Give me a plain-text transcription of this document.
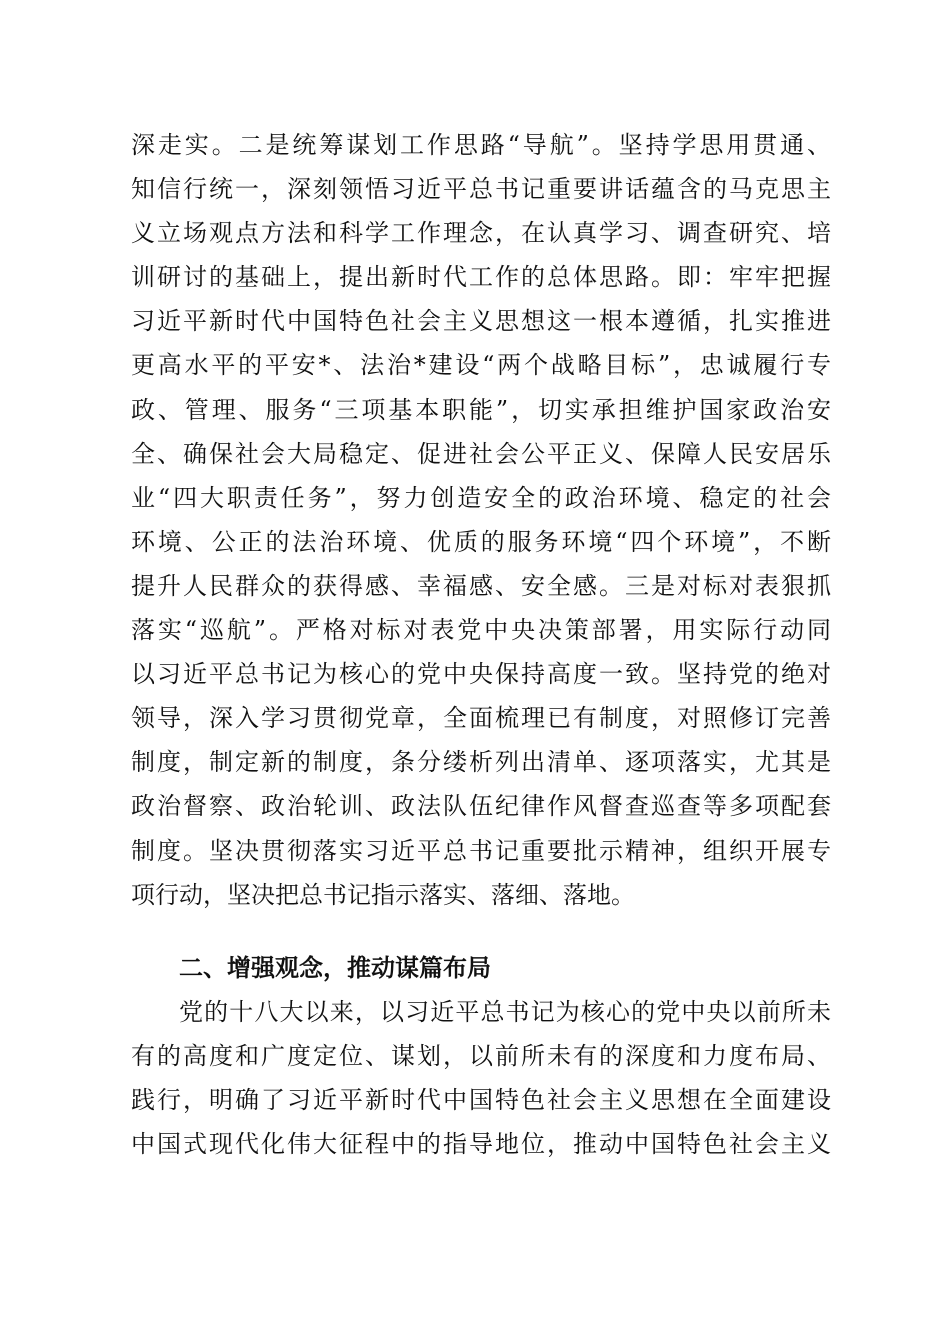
深走实。二是统筹谋划工作思路“导航”。坚持学思用贯通、
知信行统一，深刻领悟习近平总书记重要讲话蕴含的马克思主
义立场观点方法和科学工作理念，在认真学习、调查研究、培
训研讨的基础上，提出新时代工作的总体思路。即：牢牢把握
习近平新时代中国特色社会主义思想这一根本遵循，扎实推进
更高水平的平安*、法治*建设“两个战略目标”，忠诚履行专
政、管理、服务“三项基本职能”，切实承担维护国家政治安
全、确保社会大局稳定、促进社会公平正义、保障人民安居乐
业“四大职责任务”，努力创造安全的政治环境、稳定的社会
环境、公正的法治环境、优质的服务环境“四个环境”，不断
提升人民群众的获得感、幸福感、安全感。三是对标对表狠抓
落实“巡航”。严格对标对表党中央决策部署，用实际行动同
以习近平总书记为核心的党中央保持高度一致。坚持党的绝对
领导，深入学习贯彻党章，全面梳理已有制度，对照修订完善
制度，制定新的制度，条分缕析列出清单、逐项落实，尤其是
政治督察、政治轮训、政法队伍纪律作风督查巡查等多项配套
制度。坚决贯彻落实习近平总书记重要批示精神，组织开展专
项行动，坚决把总书记指示落实、落细、落地。
二、增强观念，推动谋篇布局
党的十八大以来，以习近平总书记为核心的党中央以前所未
有的高度和广度定位、谋划，以前所未有的深度和力度布局、
践行，明确了习近平新时代中国特色社会主义思想在全面建设
中国式现代化伟大征程中的指导地位，推动中国特色社会主义
